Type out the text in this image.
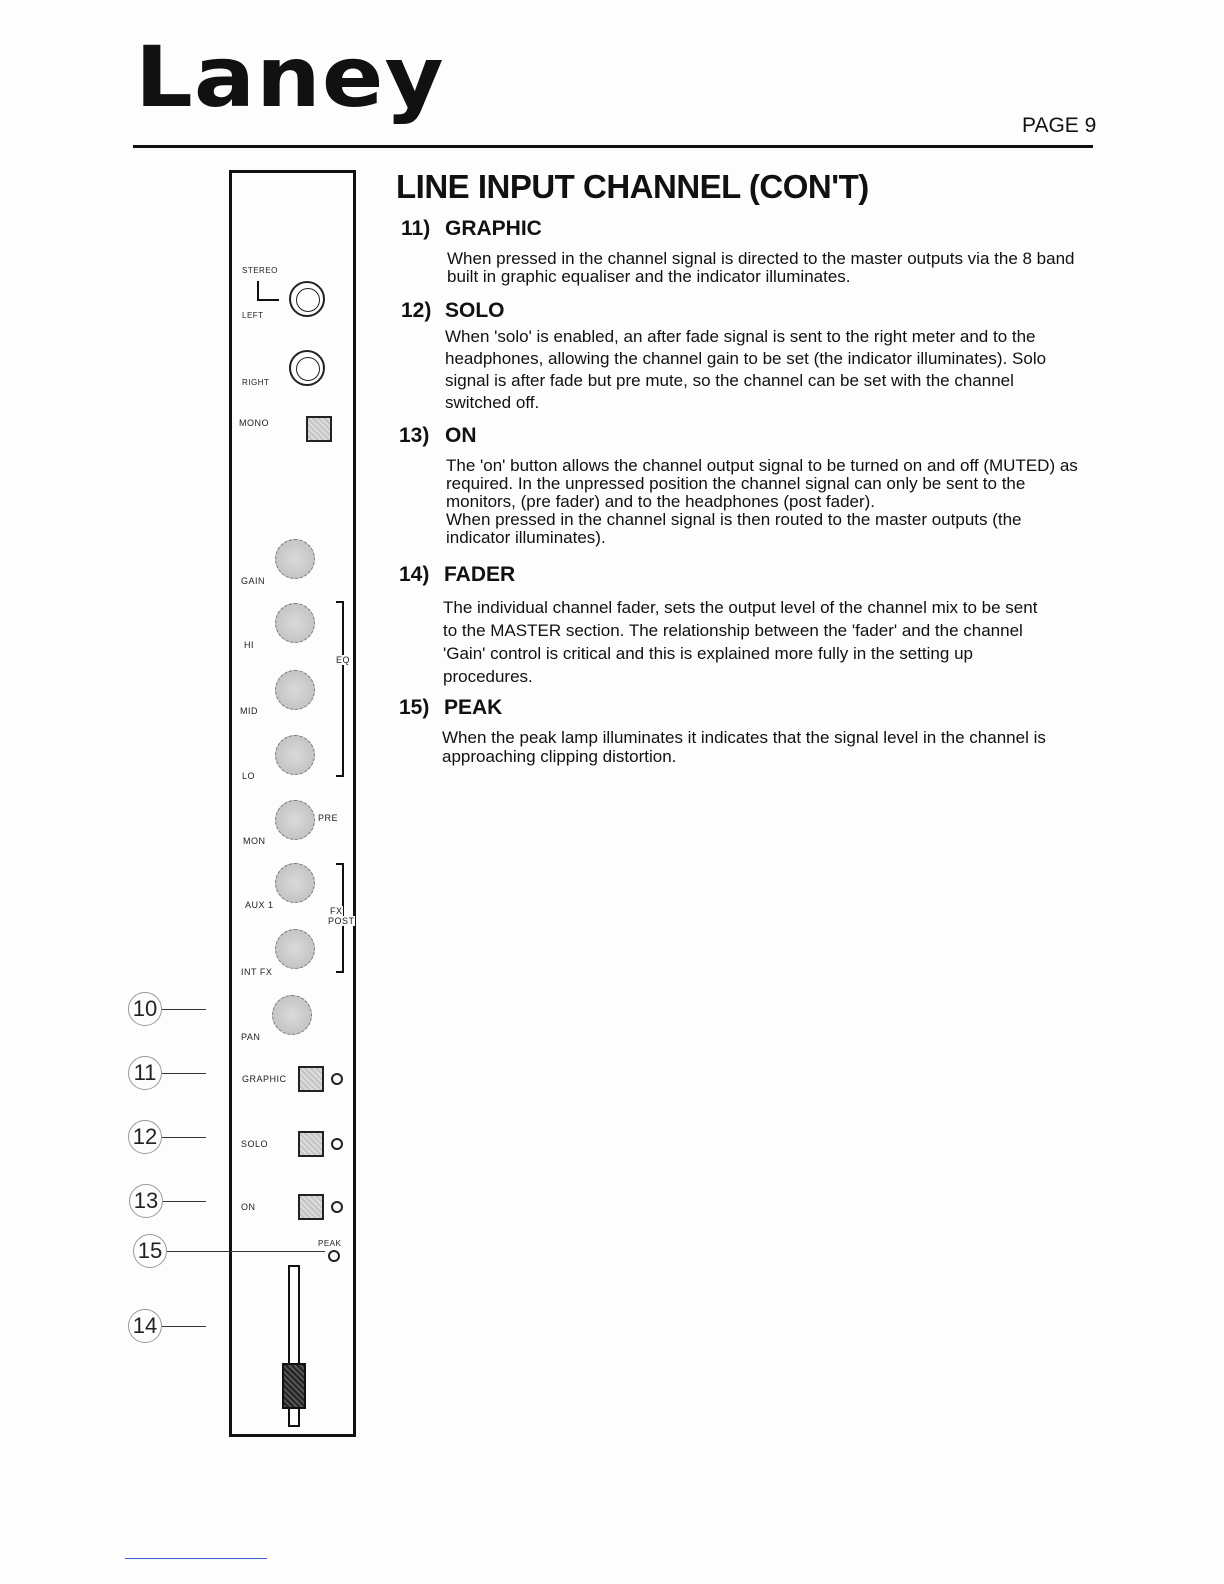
Laney	PAGE 9
STEREO
LEFT
RIGHT
MONO
GAIN
HI
MID
LO
EQ
PRE
MON
AUX 1
INT FX
FX
POST
PAN
GRAPHIC
SOLO
ON
PEAK
10
11
12
13
15
14
LINE INPUT CHANNEL (CON'T)
11) GRAPHIC
When pressed in the channel signal is directed to the master outputs via the 8 band
built in graphic equaliser and the indicator illuminates.
12) SOLO
When 'solo' is enabled, an after fade signal is sent to the right meter and to the
headphones, allowing the channel gain to be set (the indicator illuminates). Solo
signal is after fade but pre mute, so the channel can be set with the channel
switched off.
13) ON
The 'on' button allows the channel output signal to be turned on and off (MUTED) as
required. In the unpressed position the channel signal can only be sent to the
monitors, (pre fader) and to the headphones (post fader).
When pressed in the channel signal is then routed to the master outputs (the
indicator illuminates).
14) FADER
The individual channel fader, sets the output level of the channel mix to be sent
to the MASTER section. The relationship between the 'fader' and the channel
'Gain' control is critical and this is explained more fully in the setting up
procedures.
15) PEAK
When the peak lamp illuminates it indicates that the signal level in the channel is
approaching clipping distortion.
